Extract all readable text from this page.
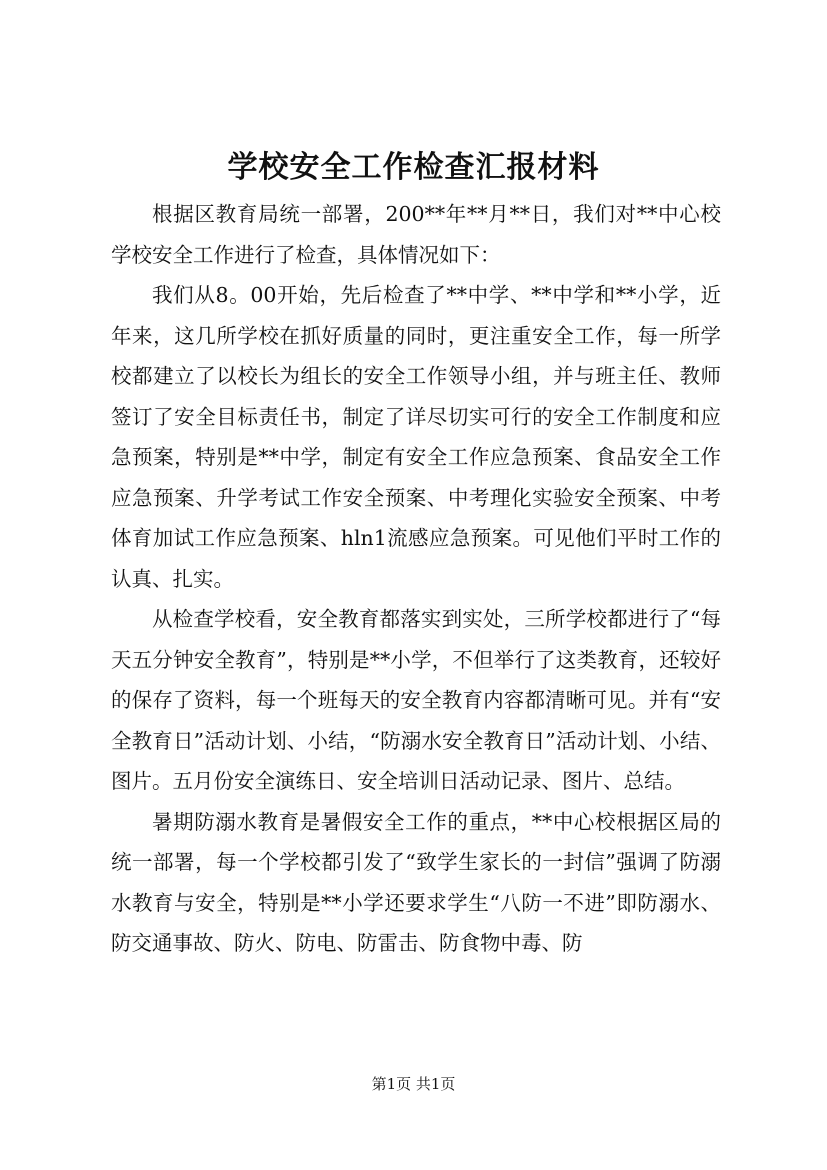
学校安全工作检查汇报材料

根据区教育局统一部署，200**年**月**日，我们对**中心校学校安全工作进行了检查，具体情况如下：

我们从8。00开始，先后检查了**中学、**中学和**小学，近年来，这几所学校在抓好质量的同时，更注重安全工作，每一所学校都建立了以校长为组长的安全工作领导小组，并与班主任、教师签订了安全目标责任书，制定了详尽切实可行的安全工作制度和应急预案，特别是**中学，制定有安全工作应急预案、食品安全工作应急预案、升学考试工作安全预案、中考理化实验安全预案、中考体育加试工作应急预案、hln1流感应急预案。可见他们平时工作的认真、扎实。

从检查学校看，安全教育都落实到实处，三所学校都进行了“每天五分钟安全教育”，特别是**小学，不但举行了这类教育，还较好的保存了资料，每一个班每天的安全教育内容都清晰可见。并有“安全教育日”活动计划、小结，“防溺水安全教育日”活动计划、小结、图片。五月份安全演练日、安全培训日活动记录、图片、总结。

暑期防溺水教育是暑假安全工作的重点，**中心校根据区局的统一部署，每一个学校都引发了“致学生家长的一封信”强调了防溺水教育与安全，特别是**小学还要求学生“八防一不进”即防溺水、防交通事故、防火、防电、防雷击、防食物中毒、防

第1页 共1页
